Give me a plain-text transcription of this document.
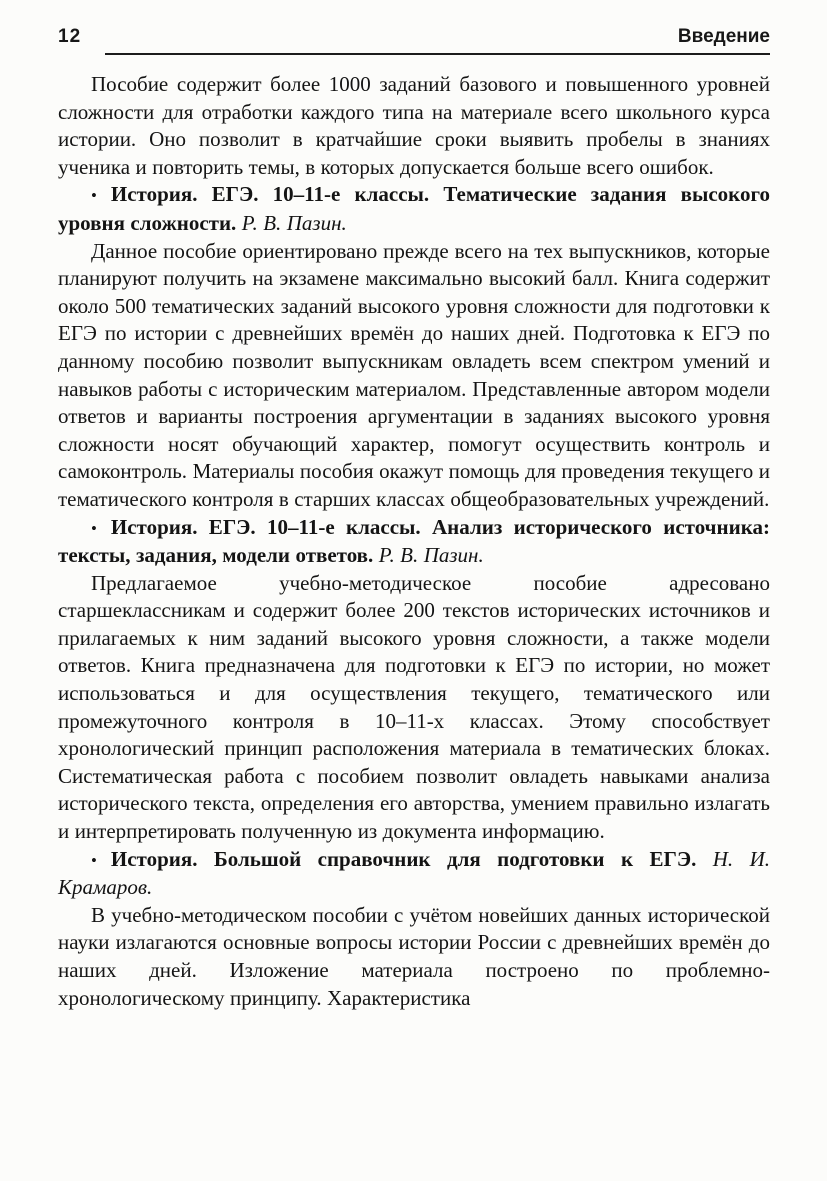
12	Введение

Пособие содержит более 1000 заданий базового и повышенного уровней сложности для отработки каждого типа на материале всего школьного курса истории. Оно позволит в кратчайшие сроки выявить пробелы в знаниях ученика и повторить темы, в которых допускается больше всего ошибок.

• История. ЕГЭ. 10–11-е классы. Тематические задания высокого уровня сложности. Р. В. Пазин.

Данное пособие ориентировано прежде всего на тех выпускников, которые планируют получить на экзамене максимально высокий балл. Книга содержит около 500 тематических заданий высокого уровня сложности для подготовки к ЕГЭ по истории с древнейших времён до наших дней. Подготовка к ЕГЭ по данному пособию позволит выпускникам овладеть всем спектром умений и навыков работы с историческим материалом. Представленные автором модели ответов и варианты построения аргументации в заданиях высокого уровня сложности носят обучающий характер, помогут осуществить контроль и самоконтроль. Материалы пособия окажут помощь для проведения текущего и тематического контроля в старших классах общеобразовательных учреждений.

• История. ЕГЭ. 10–11-е классы. Анализ исторического источника: тексты, задания, модели ответов. Р. В. Пазин.

Предлагаемое учебно-методическое пособие адресовано старшеклассникам и содержит более 200 текстов исторических источников и прилагаемых к ним заданий высокого уровня сложности, а также модели ответов. Книга предназначена для подготовки к ЕГЭ по истории, но может использоваться и для осуществления текущего, тематического или промежуточного контроля в 10–11-х классах. Этому способствует хронологический принцип расположения материала в тематических блоках. Систематическая работа с пособием позволит овладеть навыками анализа исторического текста, определения его авторства, умением правильно излагать и интерпретировать полученную из документа информацию.

• История. Большой справочник для подготовки к ЕГЭ. Н. И. Крамаров.

В учебно-методическом пособии с учётом новейших данных исторической науки излагаются основные вопросы истории России с древнейших времён до наших дней. Изложение материала построено по проблемно-хронологическому принципу. Характеристика
